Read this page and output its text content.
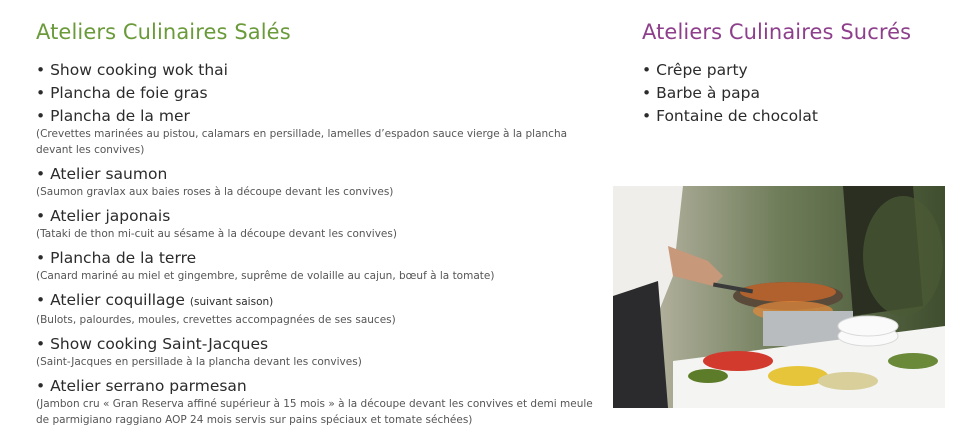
Ateliers Culinaires Salés
• Show cooking wok thai
• Plancha de foie gras
• Plancha de la mer
(Crevettes marinées au pistou, calamars en persillade, lamelles d’espadon sauce vierge à la plancha devant les convives)
• Atelier saumon
(Saumon gravlax aux baies roses à la découpe devant les convives)
• Atelier japonais
(Tataki de thon mi-cuit au sésame à la découpe devant les convives)
• Plancha de la terre
(Canard mariné au miel et gingembre, suprême de volaille au cajun, bœuf à la tomate)
• Atelier coquillage (suivant saison)
(Bulots, palourdes, moules, crevettes accompagnées de ses sauces)
• Show cooking Saint-Jacques
(Saint-Jacques en persillade à la plancha devant les convives)
• Atelier serrano parmesan
(Jambon cru « Gran Reserva affiné supérieur à 15 mois » à la découpe devant les convives et demi meule de parmigiano raggiano AOP 24 mois servis sur pains spéciaux et tomate séchées)
Ateliers Culinaires Sucrés
• Crêpe party
• Barbe à papa
• Fontaine de chocolat
